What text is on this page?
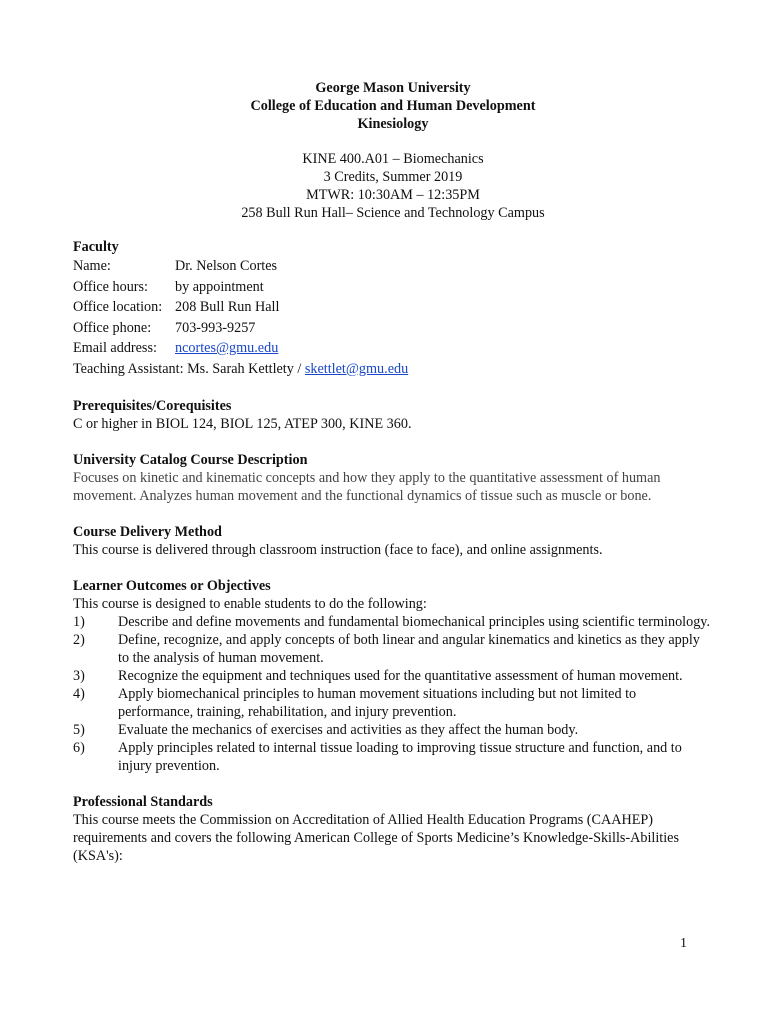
George Mason University
College of Education and Human Development
Kinesiology
KINE 400.A01 – Biomechanics
3 Credits, Summer 2019
MTWR: 10:30AM – 12:35PM
258 Bull Run Hall– Science and Technology Campus
Faculty
Name:	Dr. Nelson Cortes
Office hours:	by appointment
Office location: 208 Bull Run Hall
Office phone:	703-993-9257
Email address:	ncortes@gmu.edu
Teaching Assistant: Ms. Sarah Kettlety / skettlet@gmu.edu
Prerequisites/Corequisites
C or higher in BIOL 124, BIOL 125, ATEP 300, KINE 360.
University Catalog Course Description
Focuses on kinetic and kinematic concepts and how they apply to the quantitative assessment of human movement. Analyzes human movement and the functional dynamics of tissue such as muscle or bone.
Course Delivery Method
This course is delivered through classroom instruction (face to face), and online assignments.
Learner Outcomes or Objectives
This course is designed to enable students to do the following:
1)	Describe and define movements and fundamental biomechanical principles using scientific terminology.
2)	Define, recognize, and apply concepts of both linear and angular kinematics and kinetics as they apply to the analysis of human movement.
3)	Recognize the equipment and techniques used for the quantitative assessment of human movement.
4)	Apply biomechanical principles to human movement situations including but not limited to performance, training, rehabilitation, and injury prevention.
5)	Evaluate the mechanics of exercises and activities as they affect the human body.
6)	Apply principles related to internal tissue loading to improving tissue structure and function, and to injury prevention.
Professional Standards
This course meets the Commission on Accreditation of Allied Health Education Programs (CAAHEP) requirements and covers the following American College of Sports Medicine’s Knowledge-Skills-Abilities (KSA's):
1
